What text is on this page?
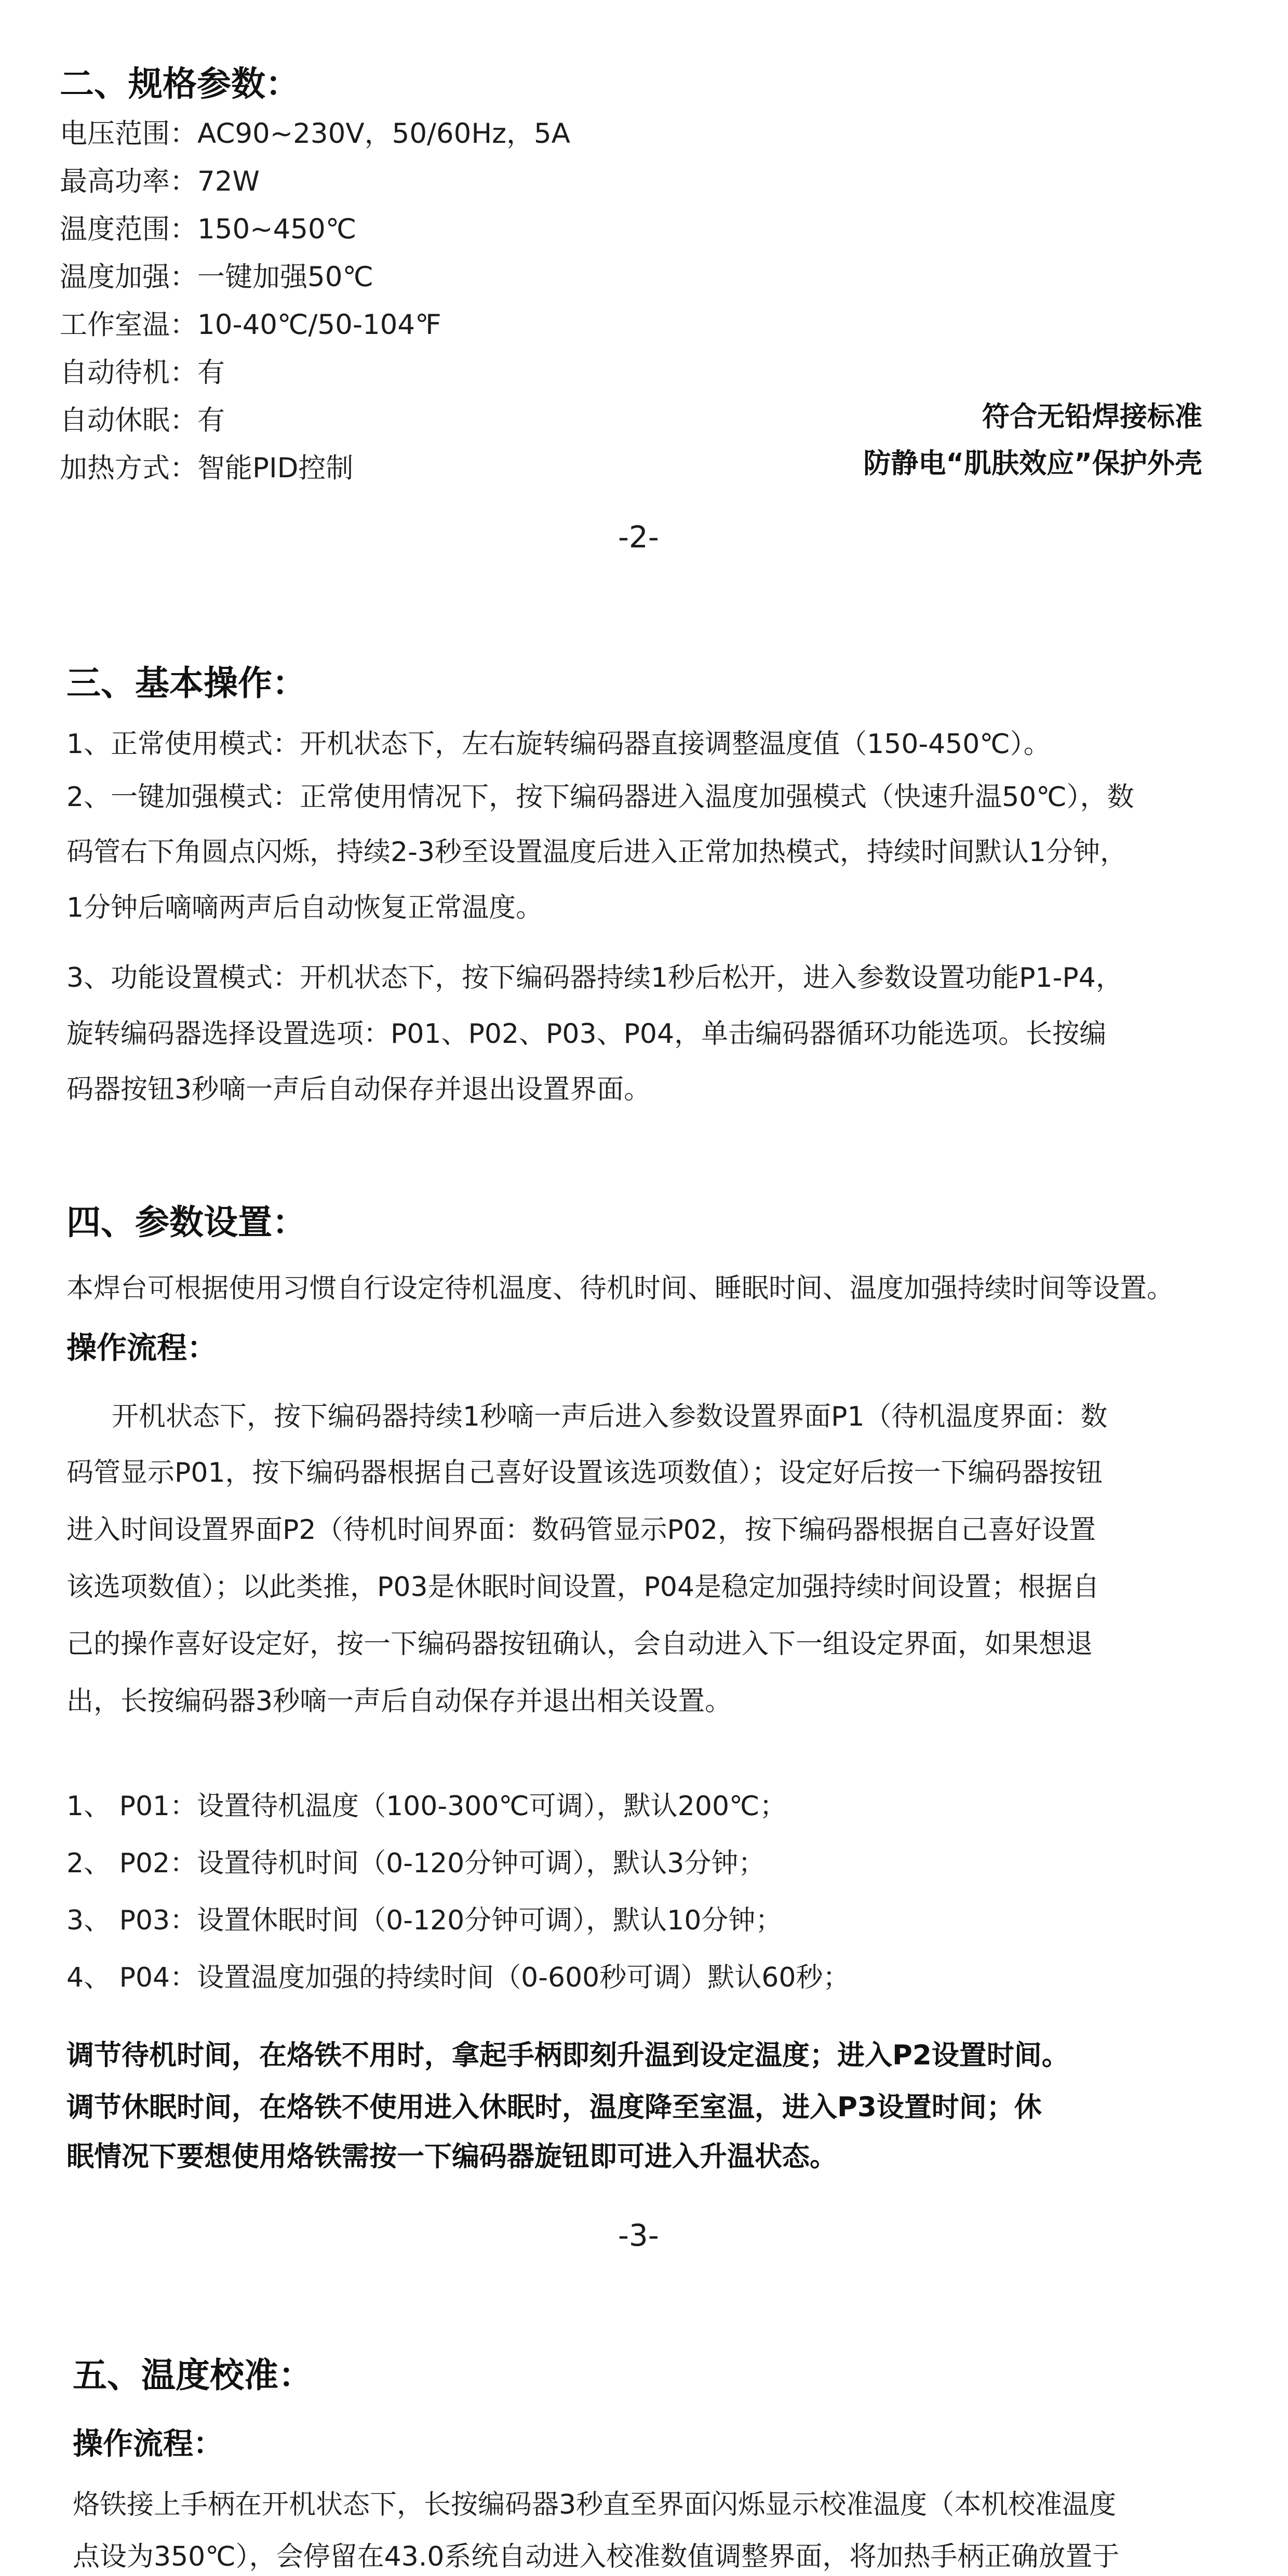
二、规格参数：
电压范围：AC90~230V，50/60Hz，5A
最高功率：72W
温度范围：150~450℃
温度加强：一键加强50℃
工作室温：10-40℃/50-104℉
自动待机：有
自动休眠：有
加热方式：智能PID控制
符合无铅焊接标准
防静电“肌肤效应”保护外壳
-2-
三、基本操作：
1、正常使用模式：开机状态下，左右旋转编码器直接调整温度值（150-450℃）。
2、一键加强模式：正常使用情况下，按下编码器进入温度加强模式（快速升温50℃），数
码管右下角圆点闪烁，持续2-3秒至设置温度后进入正常加热模式，持续时间默认1分钟，
1分钟后嘀嘀两声后自动恢复正常温度。
3、功能设置模式：开机状态下，按下编码器持续1秒后松开，进入参数设置功能P1-P4，
旋转编码器选择设置选项：P01、P02、P03、P04，单击编码器循环功能选项。长按编
码器按钮3秒嘀一声后自动保存并退出设置界面。
四、参数设置：
本焊台可根据使用习惯自行设定待机温度、待机时间、睡眠时间、温度加强持续时间等设置。
操作流程：
开机状态下，按下编码器持续1秒嘀一声后进入参数设置界面P1（待机温度界面：数
码管显示P01，按下编码器根据自己喜好设置该选项数值）；设定好后按一下编码器按钮
进入时间设置界面P2（待机时间界面：数码管显示P02，按下编码器根据自己喜好设置
该选项数值）；以此类推，P03是休眠时间设置，P04是稳定加强持续时间设置；根据自
己的操作喜好设定好，按一下编码器按钮确认，会自动进入下一组设定界面，如果想退
出，长按编码器3秒嘀一声后自动保存并退出相关设置。
1、 P01：设置待机温度（100-300℃可调），默认200℃；
2、 P02：设置待机时间（0-120分钟可调），默认3分钟；
3、 P03：设置休眠时间（0-120分钟可调），默认10分钟；
4、 P04：设置温度加强的持续时间（0-600秒可调）默认60秒；
调节待机时间，在烙铁不用时，拿起手柄即刻升温到设定温度；进入P2设置时间。
调节休眠时间，在烙铁不使用进入休眠时，温度降至室温，进入P3设置时间；休
眠情况下要想使用烙铁需按一下编码器旋钮即可进入升温状态。
-3-
五、温度校准：
操作流程：
烙铁接上手柄在开机状态下，长按编码器3秒直至界面闪烁显示校准温度（本机校准温度
点设为350℃），会停留在43.0系统自动进入校准数值调整界面，将加热手柄正确放置于
